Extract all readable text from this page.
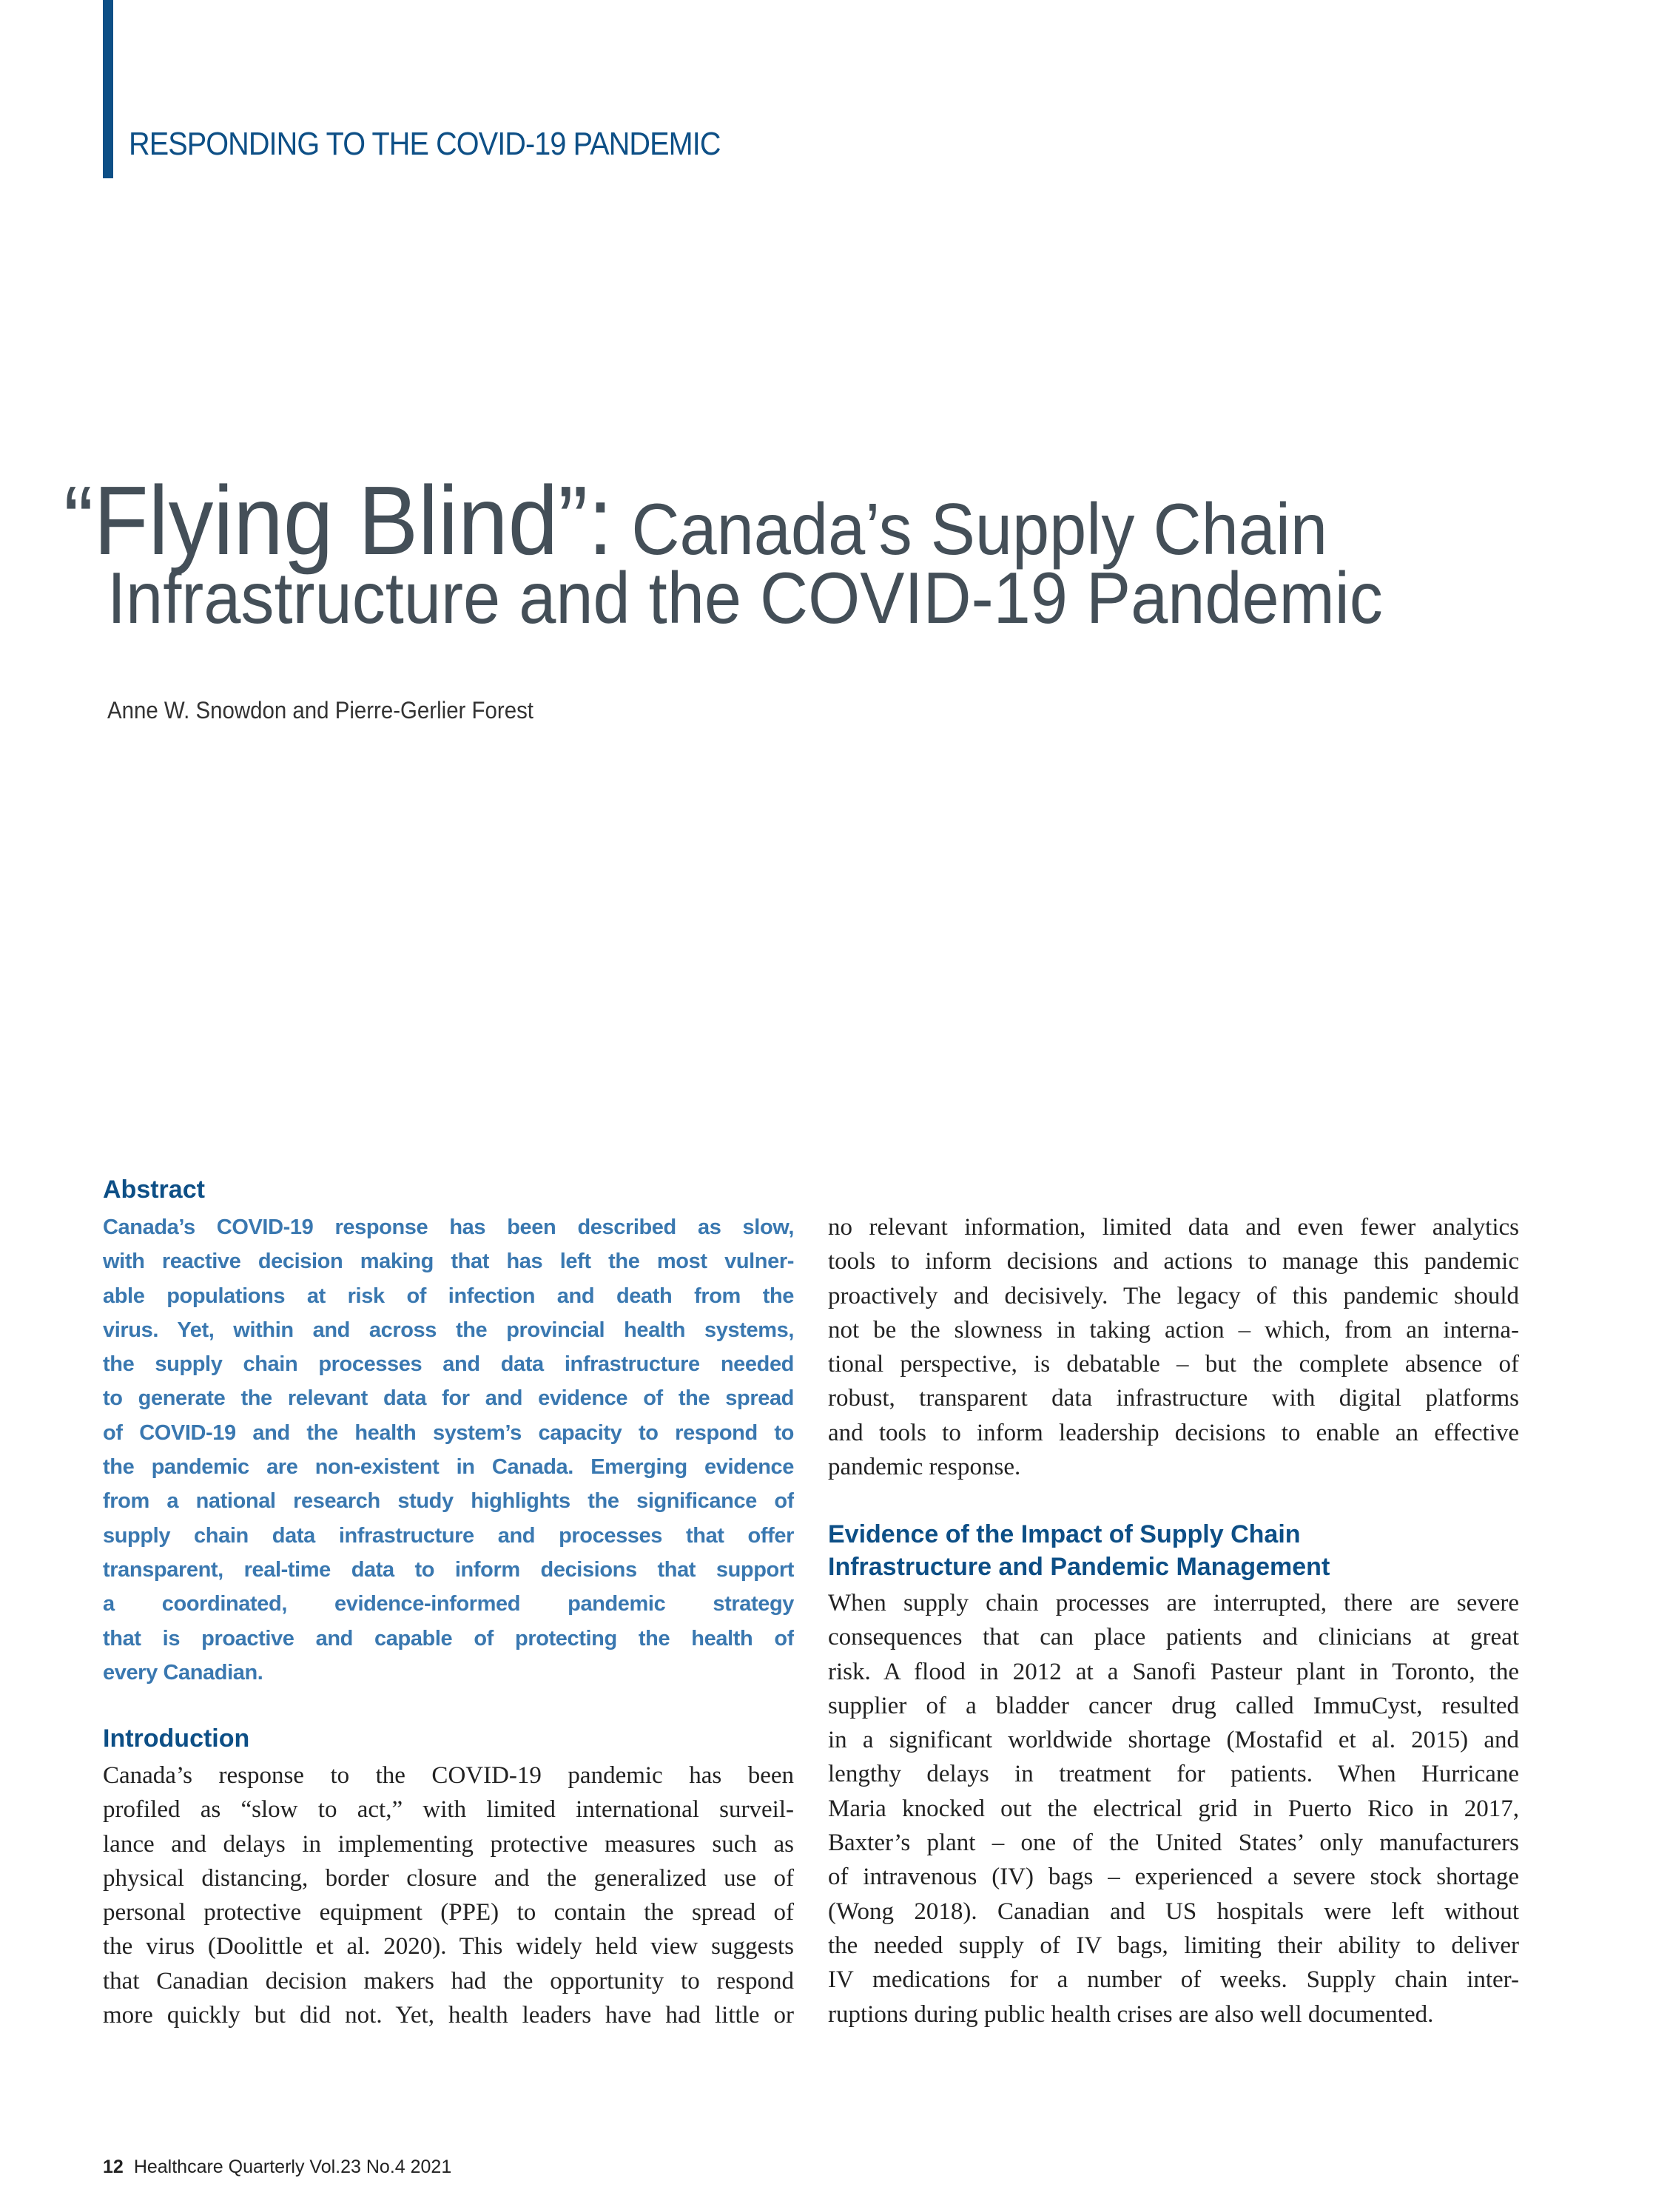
RESPONDING TO THE COVID-19 PANDEMIC
“Flying Blind”: Canada’s Supply Chain
Infrastructure and the COVID-19 Pandemic
Anne W. Snowdon and Pierre-Gerlier Forest
Abstract
Canada’s COVID-19 response has been described as slow,
with reactive decision making that has left the most vulner-
able populations at risk of infection and death from the
virus. Yet, within and across the provincial health systems,
the supply chain processes and data infrastructure needed
to generate the relevant data for and evidence of the spread
of COVID-19 and the health system’s capacity to respond to
the pandemic are non-existent in Canada. Emerging evidence
from a national research study highlights the significance of
supply chain data infrastructure and processes that offer
transparent, real-time data to inform decisions that support
a coordinated, evidence-informed pandemic strategy
that is proactive and capable of protecting the health of
every Canadian.
Introduction
Canada’s response to the COVID-19 pandemic has been
profiled as “slow to act,” with limited international surveil-
lance and delays in implementing protective measures such as
physical distancing, border closure and the generalized use of
personal protective equipment (PPE) to contain the spread of
the virus (Doolittle et al. 2020). This widely held view suggests
that Canadian decision makers had the opportunity to respond
more quickly but did not. Yet, health leaders have had little or
no relevant information, limited data and even fewer analytics
tools to inform decisions and actions to manage this pandemic
proactively and decisively. The legacy of this pandemic should
not be the slowness in taking action – which, from an interna-
tional perspective, is debatable – but the complete absence of
robust, transparent data infrastructure with digital platforms
and tools to inform leadership decisions to enable an effective
pandemic response.
Evidence of the Impact of Supply Chain
Infrastructure and Pandemic Management
When supply chain processes are interrupted, there are severe
consequences that can place patients and clinicians at great
risk. A flood in 2012 at a Sanofi Pasteur plant in Toronto, the
supplier of a bladder cancer drug called ImmuCyst, resulted
in a significant worldwide shortage (Mostafid et al. 2015) and
lengthy delays in treatment for patients. When Hurricane
Maria knocked out the electrical grid in Puerto Rico in 2017,
Baxter’s plant – one of the United States’ only manufacturers
of intravenous (IV) bags – experienced a severe stock shortage
(Wong 2018). Canadian and US hospitals were left without
the needed supply of IV bags, limiting their ability to deliver
IV medications for a number of weeks. Supply chain inter-
ruptions during public health crises are also well documented.
12 Healthcare Quarterly Vol.23 No.4 2021
